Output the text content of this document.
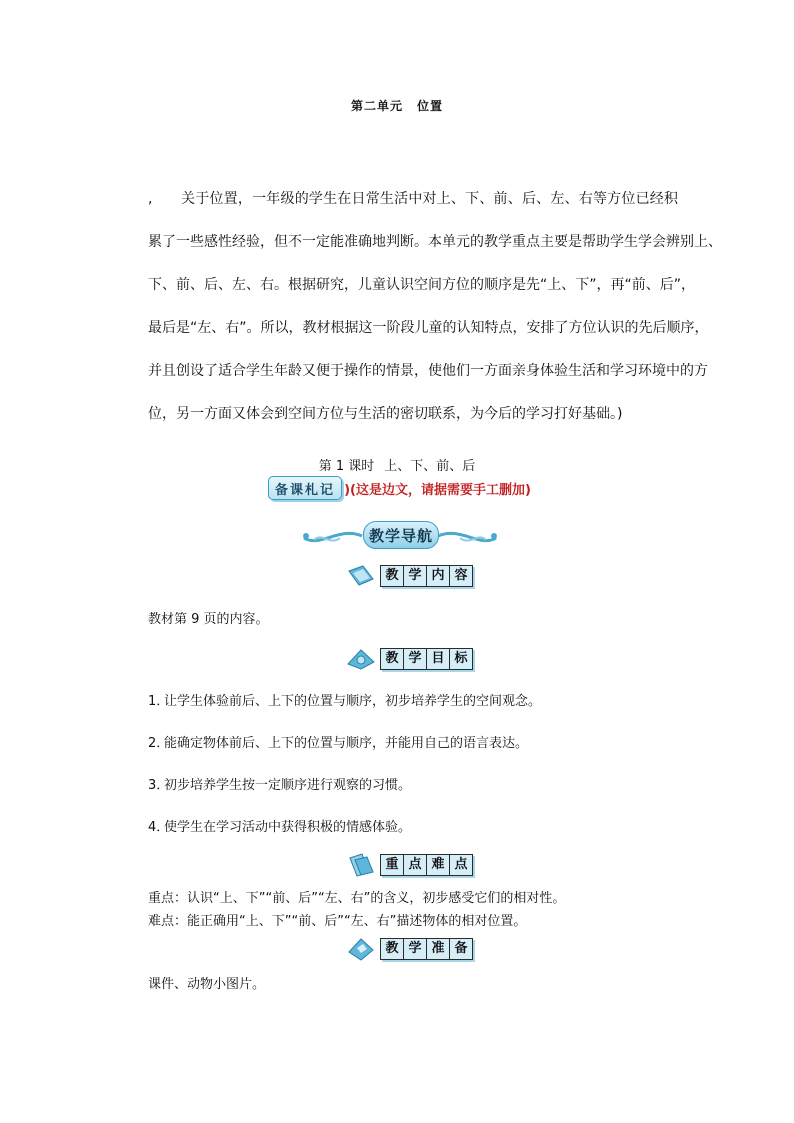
第二单元 位置

,　　关于位置，一年级的学生在日常生活中对上、下、前、后、左、右等方位已经积

累了一些感性经验，但不一定能准确地判断。本单元的教学重点主要是帮助学生学会辨别上、

下、前、后、左、右。根据研究，儿童认识空间方位的顺序是先“上、下”，再“前、后”，

最后是“左、右”。所以，教材根据这一阶段儿童的认知特点，安排了方位认识的先后顺序，

并且创设了适合学生年龄又便于操作的情景，使他们一方面亲身体验生活和学习环境中的方

位，另一方面又体会到空间方位与生活的密切联系，为今后的学习打好基础。)

第 1 课时 上、下、前、后
备 课 札 记 )(这是边文，请据需要手工删加)
教学导航
教 学 内 容
教材第 9 页的内容。
教 学 目 标
1．让学生体验前后、上下的位置与顺序，初步培养学生的空间观念。
2．能确定物体前后、上下的位置与顺序，并能用自己的语言表达。
3．初步培养学生按一定顺序进行观察的习惯。
4．使学生在学习活动中获得积极的情感体验。
重 点 难 点
重点：认识“上、下”“前、后”“左、右”的含义，初步感受它们的相对性。
难点：能正确用“上、下”“前、后”“左、右”描述物体的相对位置。
教 学 准 备
课件、动物小图片。
